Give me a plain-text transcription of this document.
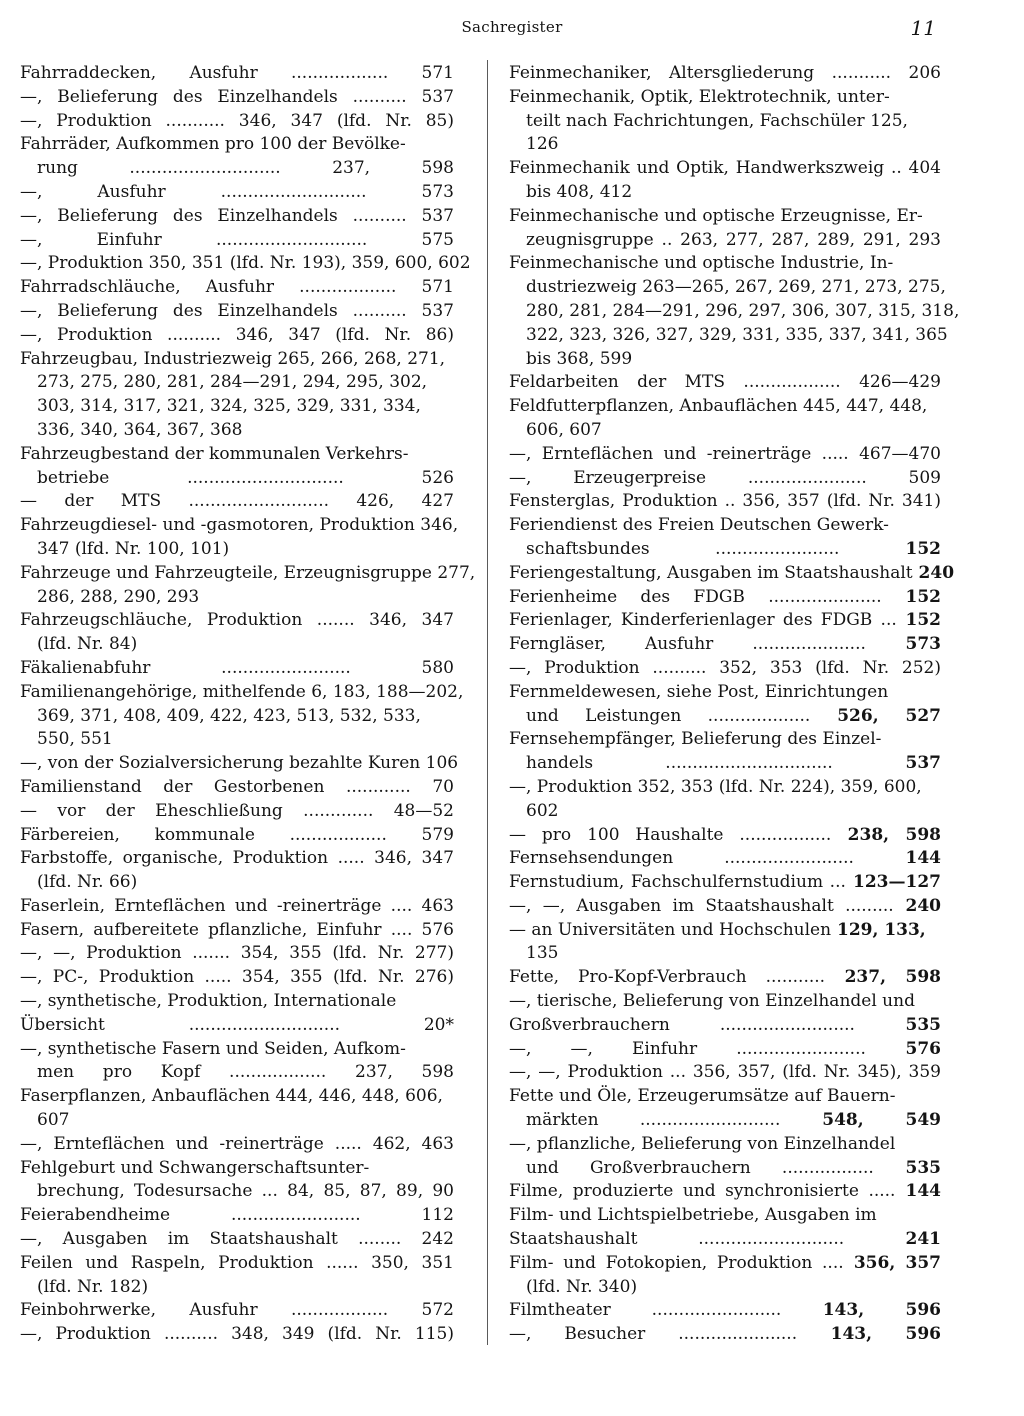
Sachregister	11
Fahrraddecken, Ausfuhr .................. 571
—, Belieferung des Einzelhandels .......... 537
—, Produktion ........... 346, 347 (lfd. Nr. 85)
Fahrräder, Aufkommen pro 100 der Bevölke-
rung ............................ 237, 598
—, Ausfuhr ........................... 573
—, Belieferung des Einzelhandels .......... 537
—, Einfuhr ............................ 575
—, Produktion 350, 351 (lfd. Nr. 193), 359, 600, 602
Fahrradschläuche, Ausfuhr .................. 571
—, Belieferung des Einzelhandels .......... 537
—, Produktion .......... 346, 347 (lfd. Nr. 86)
Fahrzeugbau, Industriezweig 265, 266, 268, 271,
273, 275, 280, 281, 284—291, 294, 295, 302,
303, 314, 317, 321, 324, 325, 329, 331, 334,
336, 340, 364, 367, 368
Fahrzeugbestand der kommunalen Verkehrs-
betriebe ............................. 526
— der MTS .......................... 426, 427
Fahrzeugdiesel- und -gasmotoren, Produktion 346,
347 (lfd. Nr. 100, 101)
Fahrzeuge und Fahrzeugteile, Erzeugnisgruppe 277,
286, 288, 290, 293
Fahrzeugschläuche, Produktion ....... 346, 347
(lfd. Nr. 84)
Fäkalienabfuhr ........................ 580
Familienangehörige, mithelfende 6, 183, 188—202,
369, 371, 408, 409, 422, 423, 513, 532, 533,
550, 551
—, von der Sozialversicherung bezahlte Kuren 106
Familienstand der Gestorbenen ............ 70
— vor der Eheschließung ............. 48—52
Färbereien, kommunale .................. 579
Farbstoffe, organische, Produktion ..... 346, 347
(lfd. Nr. 66)
Faserlein, Ernteflächen und -reinerträge .... 463
Fasern, aufbereitete pflanzliche, Einfuhr .... 576
—, —, Produktion ....... 354, 355 (lfd. Nr. 277)
—, PC-, Produktion ..... 354, 355 (lfd. Nr. 276)
—, synthetische, Produktion, Internationale
Übersicht ............................ 20*
—, synthetische Fasern und Seiden, Aufkom-
men pro Kopf .................. 237, 598
Faserpflanzen, Anbauflächen 444, 446, 448, 606,
607
—, Ernteflächen und -reinerträge ..... 462, 463
Fehlgeburt und Schwangerschaftsunter-
brechung, Todesursache ... 84, 85, 87, 89, 90
Feierabendheime ........................ 112
—, Ausgaben im Staatshaushalt ........ 242
Feilen und Raspeln, Produktion ...... 350, 351
(lfd. Nr. 182)
Feinbohrwerke, Ausfuhr .................. 572
—, Produktion .......... 348, 349 (lfd. Nr. 115)
Feinmechaniker, Altersgliederung ........... 206
Feinmechanik, Optik, Elektrotechnik, unter-
teilt nach Fachrichtungen, Fachschüler 125,
126
Feinmechanik und Optik, Handwerkszweig .. 404
bis 408, 412
Feinmechanische und optische Erzeugnisse, Er-
zeugnisgruppe .. 263, 277, 287, 289, 291, 293
Feinmechanische und optische Industrie, In-
dustriezweig 263—265, 267, 269, 271, 273, 275,
280, 281, 284—291, 296, 297, 306, 307, 315, 318,
322, 323, 326, 327, 329, 331, 335, 337, 341, 365
bis 368, 599
Feldarbeiten der MTS .................. 426—429
Feldfutterpflanzen, Anbauflächen 445, 447, 448,
606, 607
—, Ernteflächen und -reinerträge ..... 467—470
—, Erzeugerpreise ...................... 509
Fensterglas, Produktion .. 356, 357 (lfd. Nr. 341)
Feriendienst des Freien Deutschen Gewerk-
schaftsbundes ....................... 152
Feriengestaltung, Ausgaben im Staatshaushalt 240
Ferienheime des FDGB ..................... 152
Ferienlager, Kinderferienlager des FDGB ... 152
Ferngläser, Ausfuhr ..................... 573
—, Produktion .......... 352, 353 (lfd. Nr. 252)
Fernmeldewesen, siehe Post, Einrichtungen
und Leistungen ................... 526, 527
Fernsehempfänger, Belieferung des Einzel-
handels ............................... 537
—, Produktion 352, 353 (lfd. Nr. 224), 359, 600,
602
— pro 100 Haushalte ................. 238, 598
Fernsehsendungen ........................ 144
Fernstudium, Fachschulfernstudium ... 123—127
—, —, Ausgaben im Staatshaushalt ......... 240
— an Universitäten und Hochschulen 129, 133,
135
Fette, Pro-Kopf-Verbrauch ........... 237, 598
—, tierische, Belieferung von Einzelhandel und
Großverbrauchern ......................... 535
—, —, Einfuhr ........................ 576
—, —, Produktion ... 356, 357, (lfd. Nr. 345), 359
Fette und Öle, Erzeugerumsätze auf Bauern-
märkten .......................... 548, 549
—, pflanzliche, Belieferung von Einzelhandel
und Großverbrauchern ................. 535
Filme, produzierte und synchronisierte ..... 144
Film- und Lichtspielbetriebe, Ausgaben im
Staatshaushalt ........................... 241
Film- und Fotokopien, Produktion .... 356, 357
(lfd. Nr. 340)
Filmtheater ........................ 143, 596
—, Besucher ...................... 143, 596
